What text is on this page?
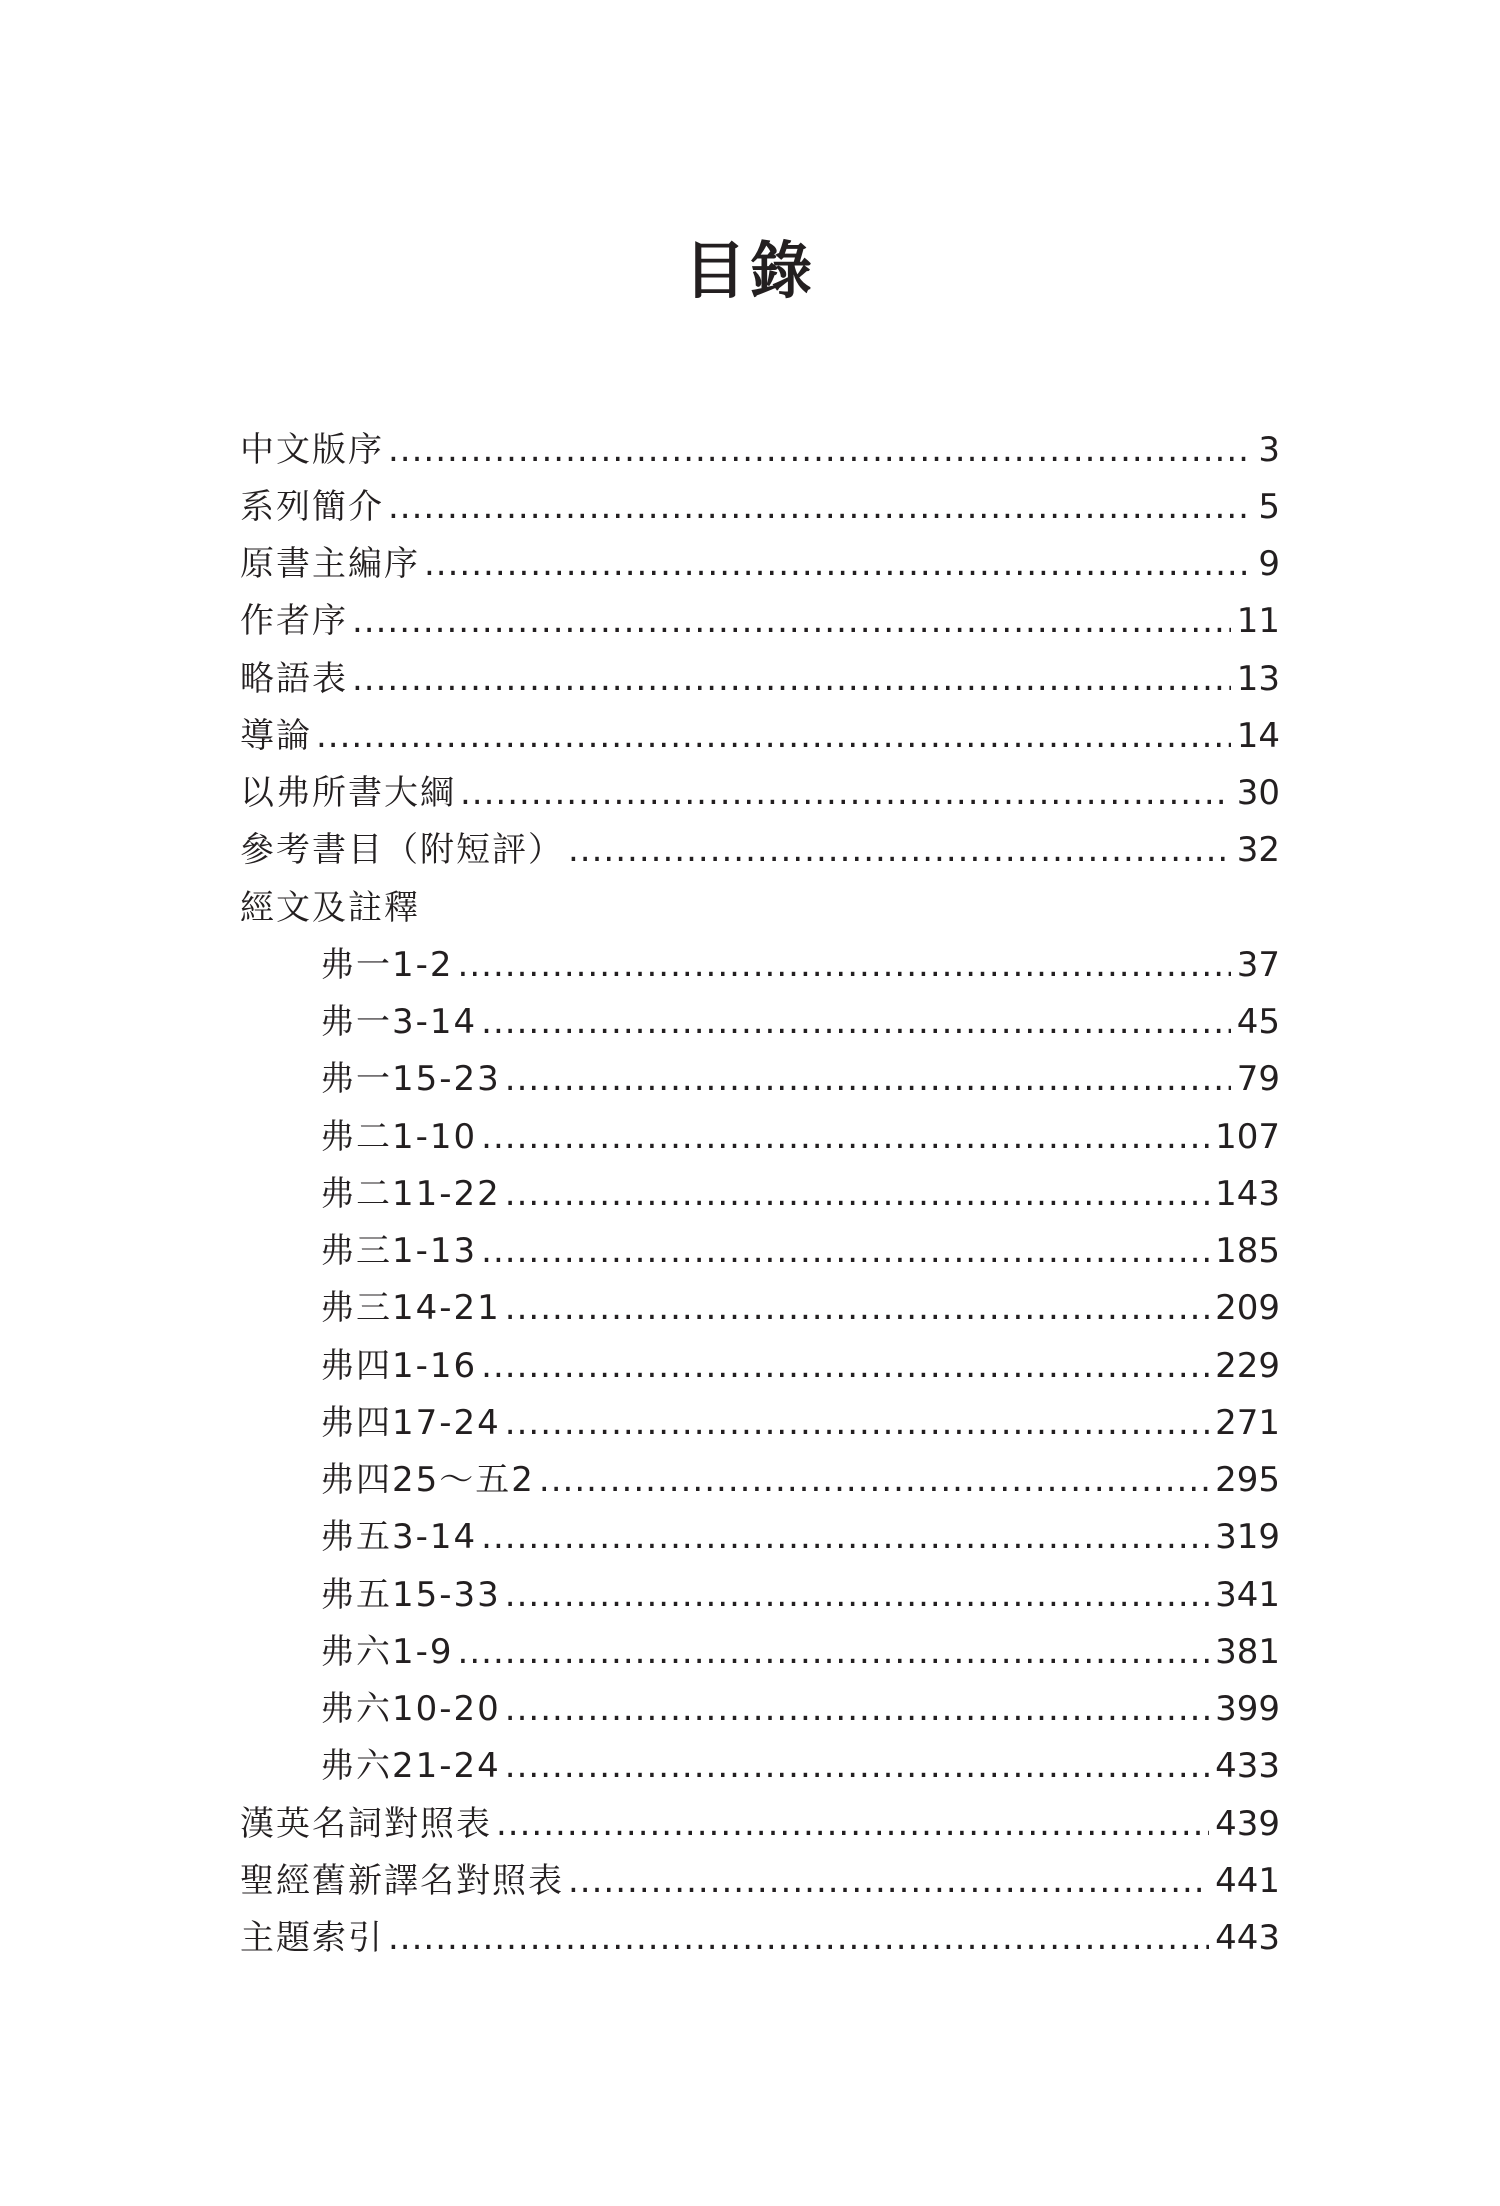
目錄
中文版序 .....	3
系列簡介 .....	5
原書主編序 .....	9
作者序 .....	11
略語表 .....	13
導論 .....	14
以弗所書大綱 .....	30
參考書目（附短評） .....	32
經文及註釋
弗一1-2 .....	37
弗一3-14 .....	45
弗一15-23 .....	79
弗二1-10 .....	107
弗二11-22 .....	143
弗三1-13 .....	185
弗三14-21 .....	209
弗四1-16 .....	229
弗四17-24 .....	271
弗四25～五2 .....	295
弗五3-14 .....	319
弗五15-33 .....	341
弗六1-9 .....	381
弗六10-20 .....	399
弗六21-24 .....	433
漢英名詞對照表 .....	439
聖經舊新譯名對照表 .....	441
主題索引 .....	443
